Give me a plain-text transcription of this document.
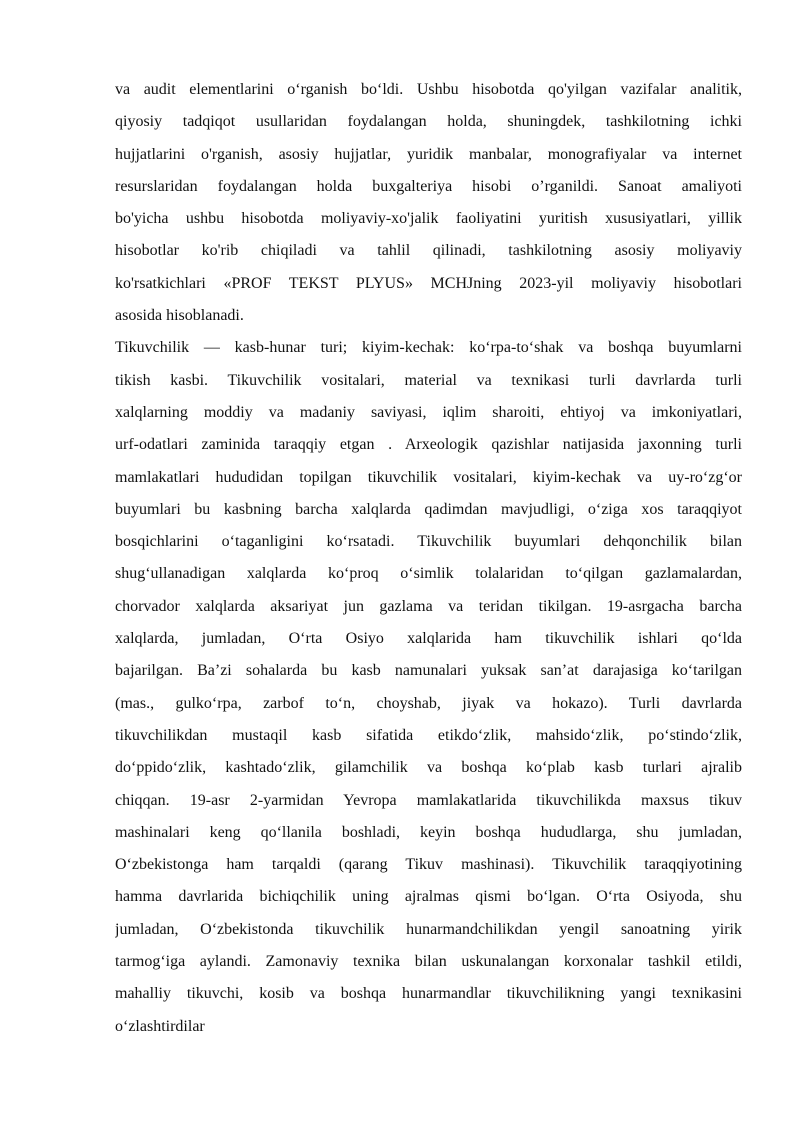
va audit elementlarini o‘rganish bo‘ldi. Ushbu hisobotda qo'yilgan vazifalar analitik,
qiyosiy tadqiqot usullaridan foydalangan holda, shuningdek, tashkilotning ichki
hujjatlarini o'rganish, asosiy hujjatlar, yuridik manbalar, monografiyalar va internet
resurslaridan foydalangan holda buxgalteriya hisobi o’rganildi. Sanoat amaliyoti
bo'yicha ushbu hisobotda moliyaviy-xo'jalik faoliyatini yuritish xususiyatlari, yillik
hisobotlar ko'rib chiqiladi va tahlil qilinadi, tashkilotning asosiy moliyaviy
ko'rsatkichlari «PROF TEKST PLYUS» MCHJning 2023-yil moliyaviy hisobotlari
asosida hisoblanadi.
Tikuvchilik — kasb-hunar turi; kiyim-kechak: ko‘rpa-to‘shak va boshqa buyumlarni
tikish kasbi. Tikuvchilik vositalari, material va texnikasi turli davrlarda turli
xalqlarning moddiy va madaniy saviyasi, iqlim sharoiti, ehtiyoj va imkoniyatlari,
urf-odatlari zaminida taraqqiy etgan . Arxeologik qazishlar natijasida jaxonning turli
mamlakatlari hududidan topilgan tikuvchilik vositalari, kiyim-kechak va uy-ro‘zg‘or
buyumlari bu kasbning barcha xalqlarda qadimdan mavjudligi, o‘ziga xos taraqqiyot
bosqichlarini o‘taganligini ko‘rsatadi. Tikuvchilik buyumlari dehqonchilik bilan
shug‘ullanadigan xalqlarda ko‘proq o‘simlik tolalaridan to‘qilgan gazlamalardan,
chorvador xalqlarda aksariyat jun gazlama va teridan tikilgan. 19-asrgacha barcha
xalqlarda, jumladan, O‘rta Osiyo xalqlarida ham tikuvchilik ishlari qo‘lda
bajarilgan. Ba’zi sohalarda bu kasb namunalari yuksak san’at darajasiga ko‘tarilgan
(mas., gulko‘rpa, zarbof to‘n, choyshab, jiyak va hokazo). Turli davrlarda
tikuvchilikdan mustaqil kasb sifatida etikdo‘zlik, mahsido‘zlik, po‘stindo‘zlik,
do‘ppido‘zlik, kashtado‘zlik, gilamchilik va boshqa ko‘plab kasb turlari ajralib
chiqqan. 19-asr 2-yarmidan Yevropa mamlakatlarida tikuvchilikda maxsus tikuv
mashinalari keng qo‘llanila boshladi, keyin boshqa hududlarga, shu jumladan,
O‘zbekistonga ham tarqaldi (qarang Tikuv mashinasi). Tikuvchilik taraqqiyotining
hamma davrlarida bichiqchilik uning ajralmas qismi bo‘lgan. O‘rta Osiyoda, shu
jumladan, O‘zbekistonda tikuvchilik hunarmandchilikdan yengil sanoatning yirik
tarmog‘iga aylandi. Zamonaviy texnika bilan uskunalangan korxonalar tashkil etildi,
mahalliy tikuvchi, kosib va boshqa hunarmandlar tikuvchilikning yangi texnikasini
o‘zlashtirdilar
